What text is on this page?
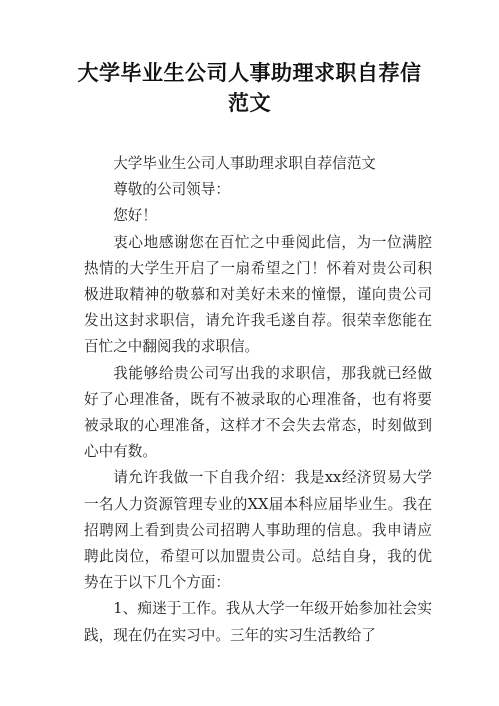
大学毕业生公司人事助理求职自荐信
范文

大学毕业生公司人事助理求职自荐信范文

尊敬的公司领导：

您好！

衷心地感谢您在百忙之中垂阅此信，为一位满腔热情的大学生开启了一扇希望之门！怀着对贵公司积极进取精神的敬慕和对美好未来的憧憬，谨向贵公司发出这封求职信，请允许我毛遂自荐。很荣幸您能在百忙之中翻阅我的求职信。

我能够给贵公司写出我的求职信，那我就已经做好了心理准备，既有不被录取的心理准备，也有将要被录取的心理准备，这样才不会失去常态，时刻做到心中有数。

请允许我做一下自我介绍：我是xx经济贸易大学一名人力资源管理专业的XX届本科应届毕业生。我在招聘网上看到贵公司招聘人事助理的信息。我申请应聘此岗位，希望可以加盟贵公司。总结自身，我的优势在于以下几个方面：

1、痴迷于工作。我从大学一年级开始参加社会实践，现在仍在实习中。三年的实习生活教给了
